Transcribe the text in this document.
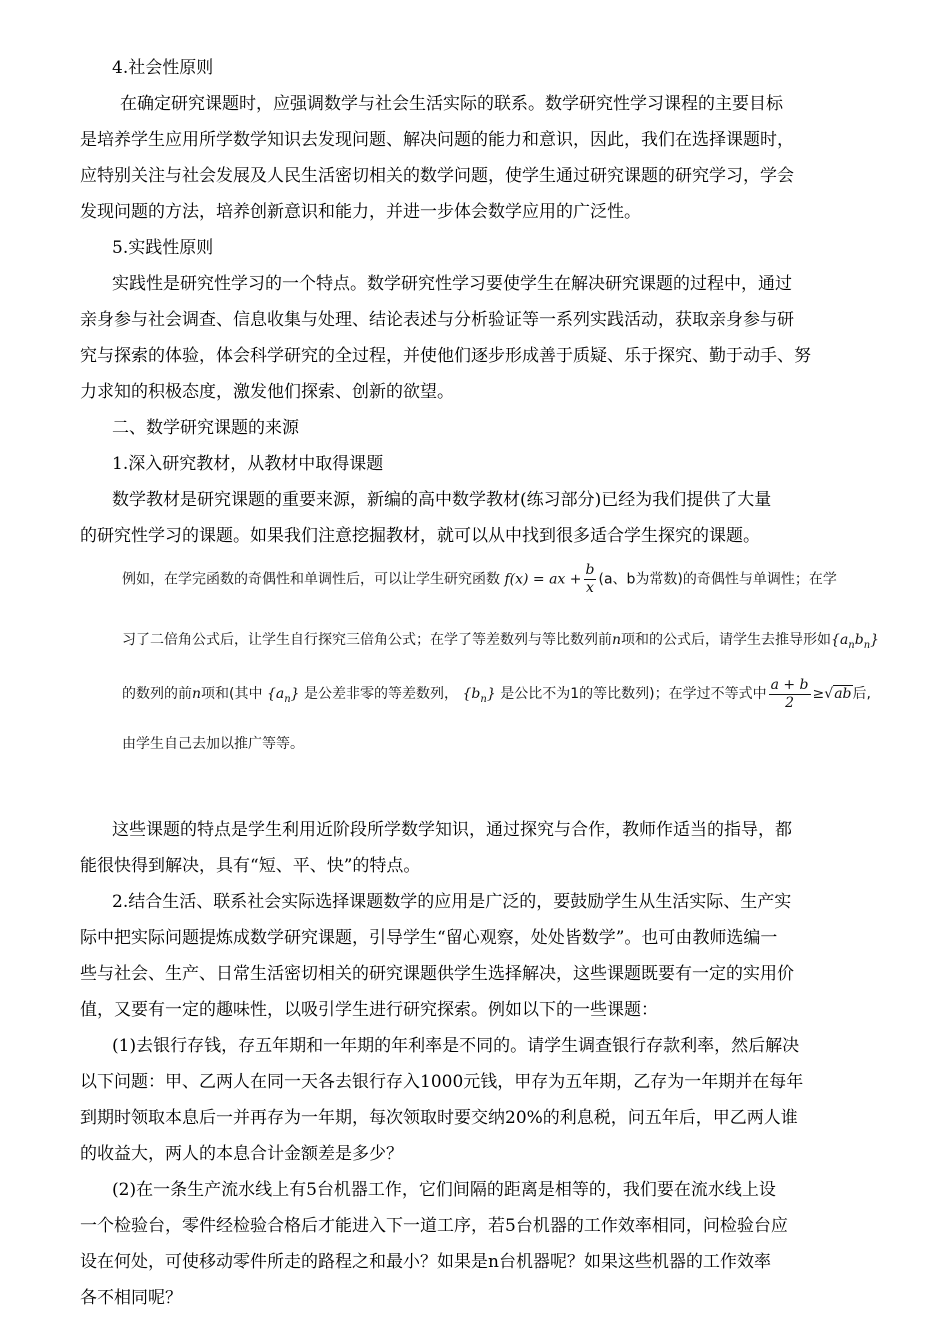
4.社会性原则
在确定研究课题时，应强调数学与社会生活实际的联系。数学研究性学习课程的主要目标
是培养学生应用所学数学知识去发现问题、解决问题的能力和意识，因此，我们在选择课题时，
应特别关注与社会发展及人民生活密切相关的数学问题，使学生通过研究课题的研究学习，学会
发现问题的方法，培养创新意识和能力，并进一步体会数学应用的广泛性。
5.实践性原则
实践性是研究性学习的一个特点。数学研究性学习要使学生在解决研究课题的过程中，通过
亲身参与社会调查、信息收集与处理、结论表述与分析验证等一系列实践活动，获取亲身参与研
究与探索的体验，体会科学研究的全过程，并使他们逐步形成善于质疑、乐于探究、勤于动手、努
力求知的积极态度，激发他们探索、创新的欲望。
二、数学研究课题的来源
1.深入研究教材，从教材中取得课题
数学教材是研究课题的重要来源，新编的高中数学教材(练习部分)已经为我们提供了大量
的研究性学习的课题。如果我们注意挖掘教材，就可以从中找到很多适合学生探究的课题。
例如，在学完函数的奇偶性和单调性后，可以让学生研究函数 f(x) = ax + $\frac{b}{x} (a$、b为常数)的奇偶性与单调性；在学
习了二倍角公式后，让学生自行探究三倍角公式；在学了等差数列与等比数列前n项和的公式后，请学生去推导形如$\{a_nb_n\}$
的数列的前n项和(其中 $\{a_n\}$ 是公差非零的等差数列， $\{b_n\}$ 是公比不为1的等比数列)；在学过不等式中 $\frac{a + b}{2} \ge√ab$后,
由学生自己去加以推广等等。
这些课题的特点是学生利用近阶段所学数学知识，通过探究与合作，教师作适当的指导，都
能很快得到解决，具有“短、平、快”的特点。
2.结合生活、联系社会实际选择课题数学的应用是广泛的，要鼓励学生从生活实际、生产实
际中把实际问题提炼成数学研究课题，引导学生“留心观察，处处皆数学”。也可由教师选编一
些与社会、生产、日常生活密切相关的研究课题供学生选择解决，这些课题既要有一定的实用价
值，又要有一定的趣味性，以吸引学生进行研究探索。例如以下的一些课题：
(1)去银行存钱，存五年期和一年期的年利率是不同的。请学生调查银行存款利率，然后解决
以下问题：甲、乙两人在同一天各去银行存入1000元钱，甲存为五年期，乙存为一年期并在每年
到期时领取本息后一并再存为一年期，每次领取时要交纳20%的利息税，问五年后，甲乙两人谁
的收益大，两人的本息合计金额差是多少？
(2)在一条生产流水线上有5台机器工作，它们间隔的距离是相等的，我们要在流水线上设
一个检验台，零件经检验合格后才能进入下一道工序，若5台机器的工作效率相同，问检验台应
设在何处，可使移动零件所走的路程之和最小？如果是n台机器呢？如果这些机器的工作效率
各不相同呢？
